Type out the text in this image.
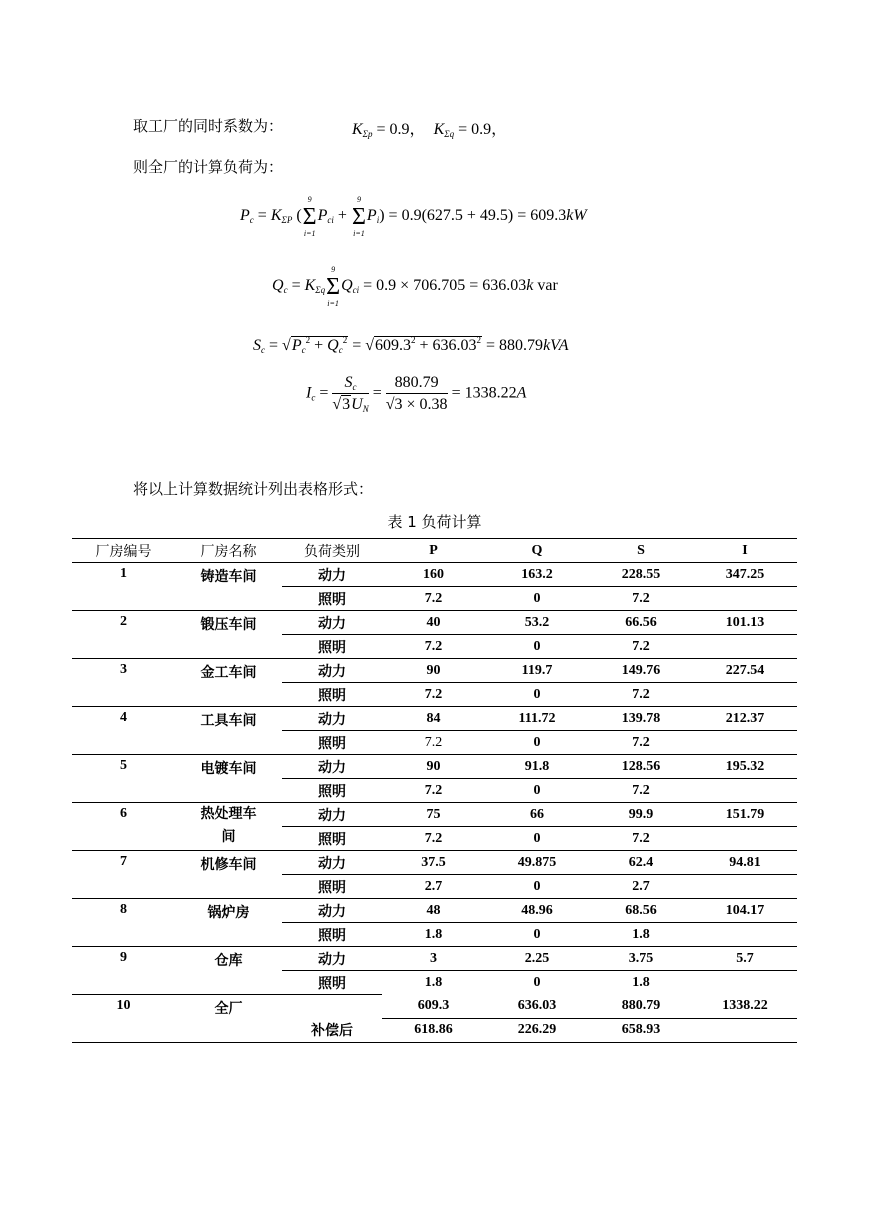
取工厂的同时系数为：	$K_{\Sigma p} = 0.9$， $K_{\Sigma q} = 0.9$，
则全厂的计算负荷为：
$P_c = K_{\Sigma P}$ (Σ
9
i=1
$P_{ci} + \Sigma$
9
i=1
$P_i) = 0.9(627.5 + 49.5) = 609.3kW$
$Q_c = K_{\Sigma q}\Sigma$
9
i=1
$Q_{ci} = 0.9 \times 706.705 = 636.03k$ var
$S_c = √P_c^2 + Q_c^2 = √609.3^2 + 636.03^2 = 880.79kVA$
$I_c = \frac{S_c}{√3U_N} = \frac{880.79}{√3 \times 0.38} = 1338.22A$
将以上计算数据统计列出表格形式：
表 1 负荷计算
厂房编号	厂房名称	负荷类别	P	Q	S	I
1	铸造车间	动力	160	163.2	228.55	347.25
		照明	7.2	0	7.2	
2	锻压车间	动力	40	53.2	66.56	101.13
		照明	7.2	0	7.2	
3	金工车间	动力	90	119.7	149.76	227.54
		照明	7.2	0	7.2	
4	工具车间	动力	84	111.72	139.78	212.37
		照明	7.2	0	7.2	
5	电镀车间	动力	90	91.8	128.56	195.32
		照明	7.2	0	7.2	
6	热处理车
间	动力	75	66	99.9	151.79
		照明	7.2	0	7.2	
7	机修车间	动力	37.5	49.875	62.4	94.81
		照明	2.7	0	2.7	
8	锅炉房	动力	48	48.96	68.56	104.17
		照明	1.8	0	1.8	
9	仓库	动力	3	2.25	3.75	5.7
		照明	1.8	0	1.8	
10	全厂		609.3	636.03	880.79	1338.22
		补偿后	618.86	226.29	658.93	
